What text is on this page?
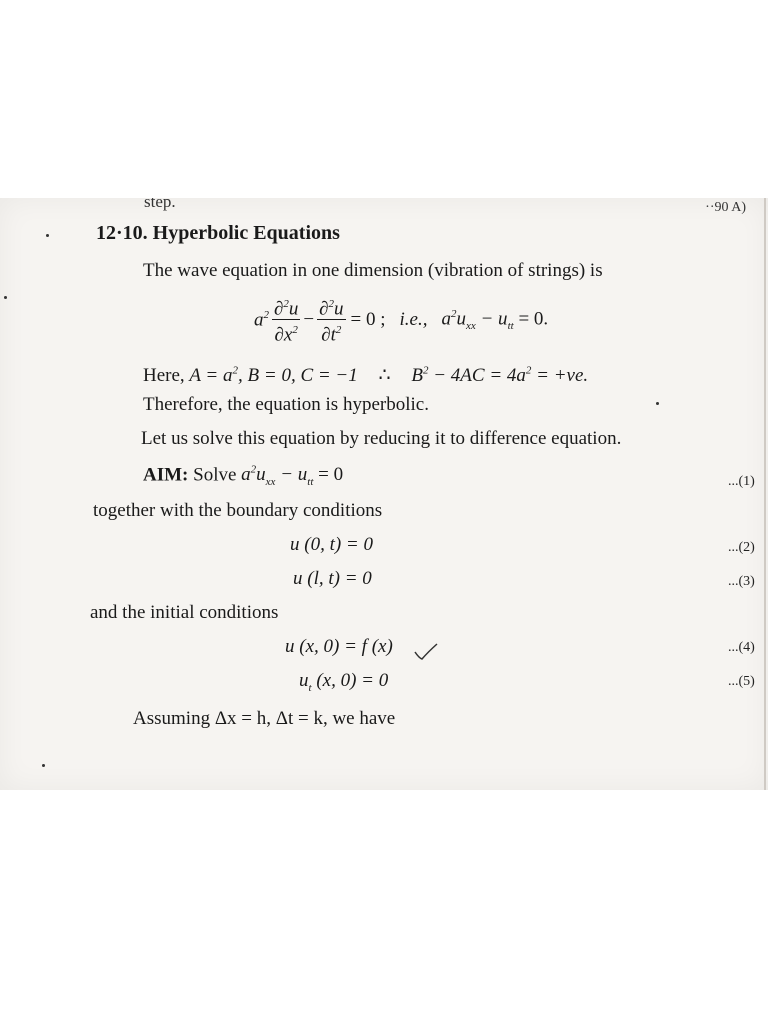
step.	··90 A)
12·10. Hyperbolic Equations
The wave equation in one dimension (vibration of strings) is
$a^2 \frac{\partial^2u}{\partial x^2} - \frac{\partial^2u}{\partial t^2} = 0$ ; i.e., $a^2u_{xx} - u_{tt} = 0$.
Here, $A = a^2$, B = 0, C = −1 ∴ $B^2 - 4AC = 4a^2 = +ve$.
Therefore, the equation is hyperbolic.
Let us solve this equation by reducing it to difference equation.
AIM: Solve $a^2u_{xx} - u_{tt} = 0$	...(1)
together with the boundary conditions
u (0, t) = 0	...(2)
u (l, t) = 0	...(3)
and the initial conditions
u (x, 0) = f (x)	...(4)
$u_t$ (x, 0) = 0	...(5)
Assuming Δx = h, Δt = k, we have
